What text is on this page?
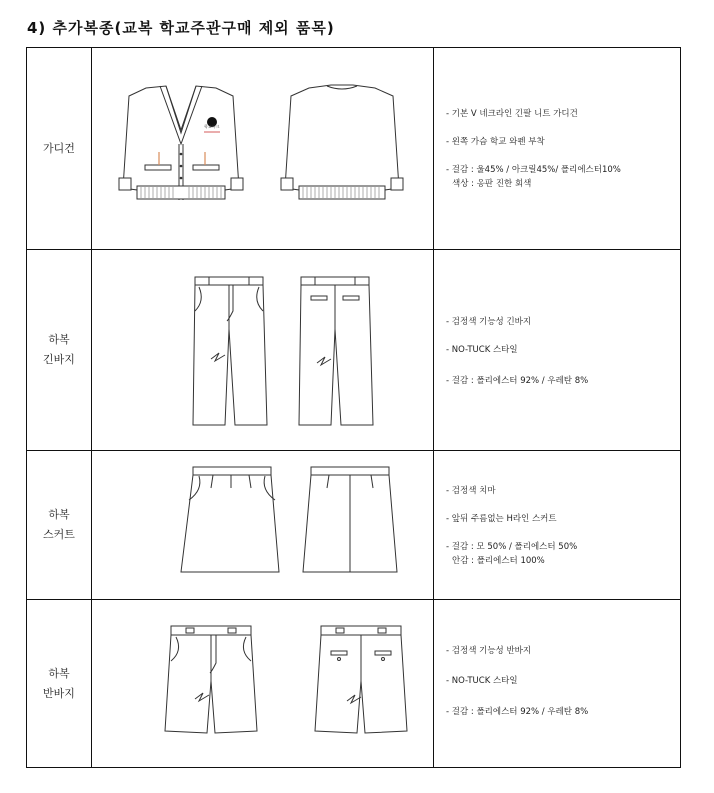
4) 추가복종(교복 학교주관구매 제외 품목)
가디건
학교마크
- 기본 V 네크라인 긴팔 니트 가디건
- 왼쪽 가슴 학교 와펜 부착
- 걸감 : 울45% / 아크릴45%/ 폴리에스터10%
색상 : 옹판 진한 회색
하복
긴바지
- 검정색 기능성 긴바지
- NO-TUCK 스타일
- 걸감 : 폴리에스터 92% / 우레탄 8%
하복
스커트
- 검정색 치마
- 앞뒤 주름없는 H라인 스커트
- 걸감 : 모 50% / 폴리에스터 50%
안감 : 폴리에스터 100%
하복
반바지
- 검정색 기능성 반바지
- NO-TUCK 스타일
- 걸감 : 폴리에스터 92% / 우레탄 8%
